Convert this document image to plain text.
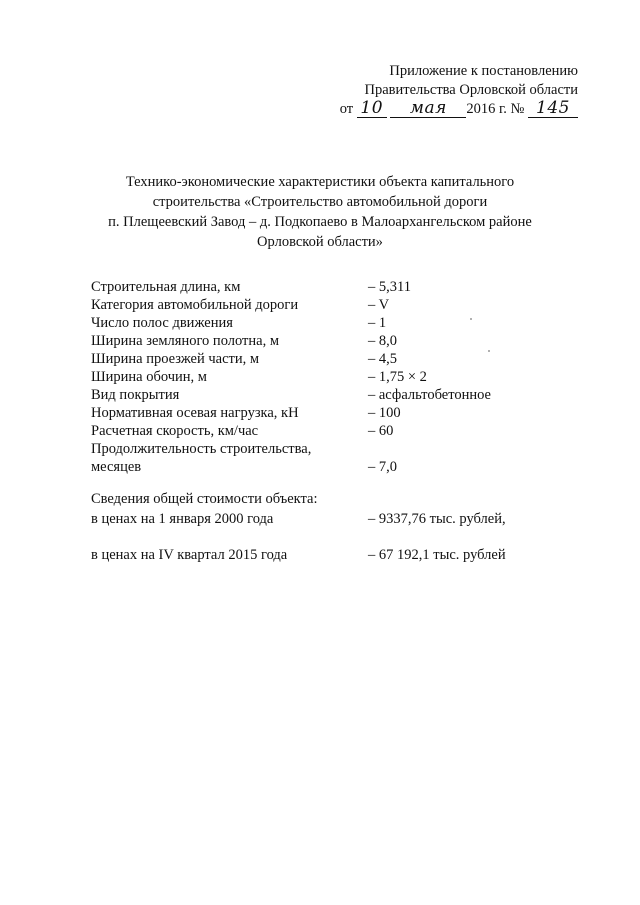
Приложение к постановлению
Правительства Орловской области
от 10 мая 2016 г. № 145
Технико-экономические характеристики объекта капитального
строительства «Строительство автомобильной дороги
п. Плещеевский Завод – д. Подкопаево в Малоархангельском районе
Орловской области»
Строительная длина, км	– 5,311
Категория автомобильной дороги	– V
Число полос движения	– 1
Ширина земляного полотна, м	– 8,0
Ширина проезжей части, м	– 4,5
Ширина обочин, м	– 1,75 × 2
Вид покрытия	– асфальтобетонное
Нормативная осевая нагрузка, кН	– 100
Расчетная скорость, км/час	– 60
Продолжительность строительства,
месяцев	– 7,0
Сведения общей стоимости объекта:
в ценах на 1 января 2000 года	– 9337,76 тыс. рублей,
в ценах на IV квартал 2015 года	– 67 192,1 тыс. рублей
